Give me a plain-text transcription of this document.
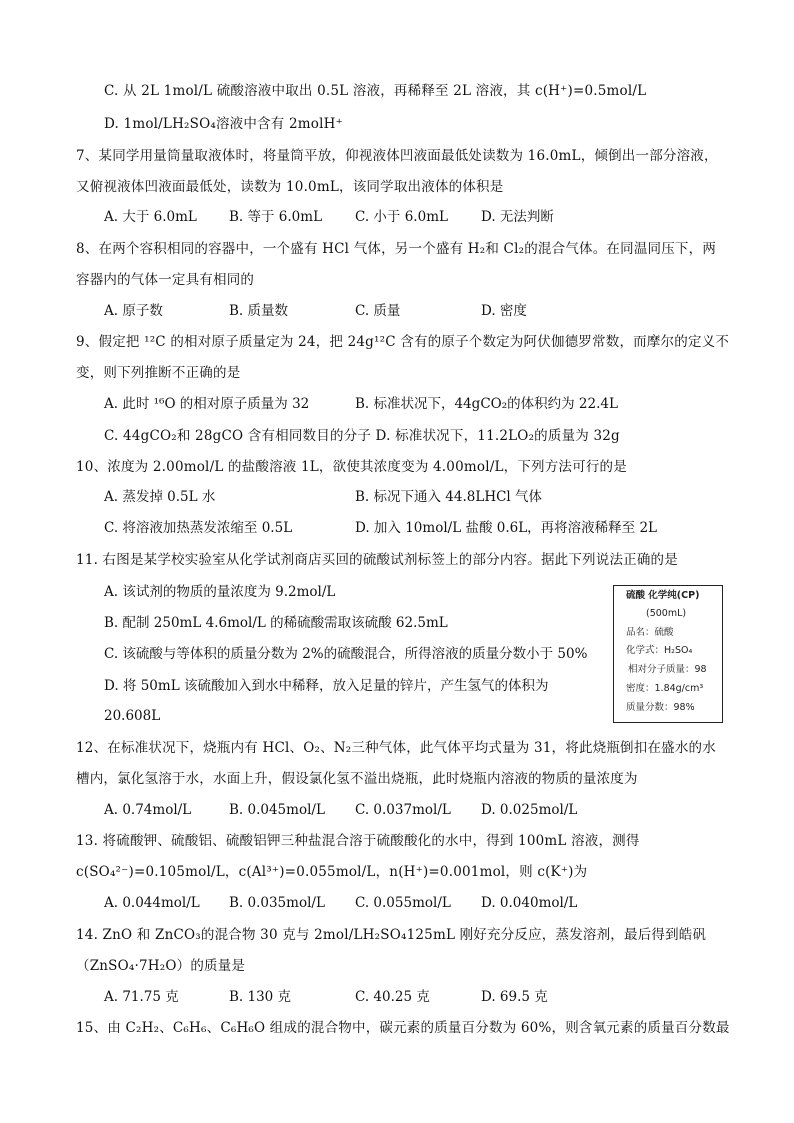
C. 从 2L 1mol/L 硫酸溶液中取出 0.5L 溶液，再稀释至 2L 溶液，其 c(H⁺)=0.5mol/L
D. 1mol/LH₂SO₄溶液中含有 2molH⁺
7、某同学用量筒量取液体时，将量筒平放，仰视液体凹液面最低处读数为 16.0mL，倾倒出一部分溶液，
又俯视液体凹液面最低处，读数为 10.0mL，该同学取出液体的体积是
A. 大于 6.0mL B. 等于 6.0mL C. 小于 6.0mL D. 无法判断
8、在两个容积相同的容器中，一个盛有 HCl 气体，另一个盛有 H₂和 Cl₂的混合气体。在同温同压下，两
容器内的气体一定具有相同的
A. 原子数	B. 质量数	C. 质量	D. 密度
9、假定把 ¹²C 的相对原子质量定为 24，把 24g¹²C 含有的原子个数定为阿伏伽德罗常数，而摩尔的定义不
变，则下列推断不正确的是
A. 此时 ¹⁶O 的相对原子质量为 32	B. 标准状况下，44gCO₂的体积约为 22.4L
C. 44gCO₂和 28gCO 含有相同数目的分子 D. 标准状况下，11.2LO₂的质量为 32g
10、浓度为 2.00mol/L 的盐酸溶液 1L，欲使其浓度变为 4.00mol/L，下列方法可行的是
A. 蒸发掉 0.5L 水	B. 标况下通入 44.8LHCl 气体
C. 将溶液加热蒸发浓缩至 0.5L	D. 加入 10mol/L 盐酸 0.6L，再将溶液稀释至 2L
11. 右图是某学校实验室从化学试剂商店买回的硫酸试剂标签上的部分内容。据此下列说法正确的是
A. 该试剂的物质的量浓度为 9.2mol/L
B. 配制 250mL 4.6mol/L 的稀硫酸需取该硫酸 62.5mL
C. 该硫酸与等体积的质量分数为 2%的硫酸混合，所得溶液的质量分数小于 50%
D. 将 50mL 该硫酸加入到水中稀释，放入足量的锌片，产生氢气的体积为
20.608L
硫酸 化学纯(CP)
(500mL)
品名：硫酸
化学式：H₂SO₄
相对分子质量：98
密度：1.84g/cm³
质量分数：98%
12、在标准状况下，烧瓶内有 HCl、O₂、N₂三种气体，此气体平均式量为 31，将此烧瓶倒扣在盛水的水
槽内，氯化氢溶于水，水面上升，假设氯化氢不溢出烧瓶，此时烧瓶内溶液的物质的量浓度为
A. 0.74mol/L	B. 0.045mol/L C. 0.037mol/L D. 0.025mol/L
13. 将硫酸钾、硫酸铝、硫酸铝钾三种盐混合溶于硫酸酸化的水中，得到 100mL 溶液，测得
c(SO₄²⁻)=0.105mol/L，c(Al³⁺)=0.055mol/L，n(H⁺)=0.001mol，则 c(K⁺)为
A. 0.044mol/L B. 0.035mol/L C. 0.055mol/L D. 0.040mol/L
14. ZnO 和 ZnCO₃的混合物 30 克与 2mol/LH₂SO₄125mL 刚好充分反应，蒸发溶剂，最后得到皓矾
（ZnSO₄·7H₂O）的质量是
A. 71.75 克	B. 130 克	C. 40.25 克	D. 69.5 克
15、由 C₂H₂、C₆H₆、C₆H₆O 组成的混合物中，碳元素的质量百分数为 60%，则含氧元素的质量百分数最
